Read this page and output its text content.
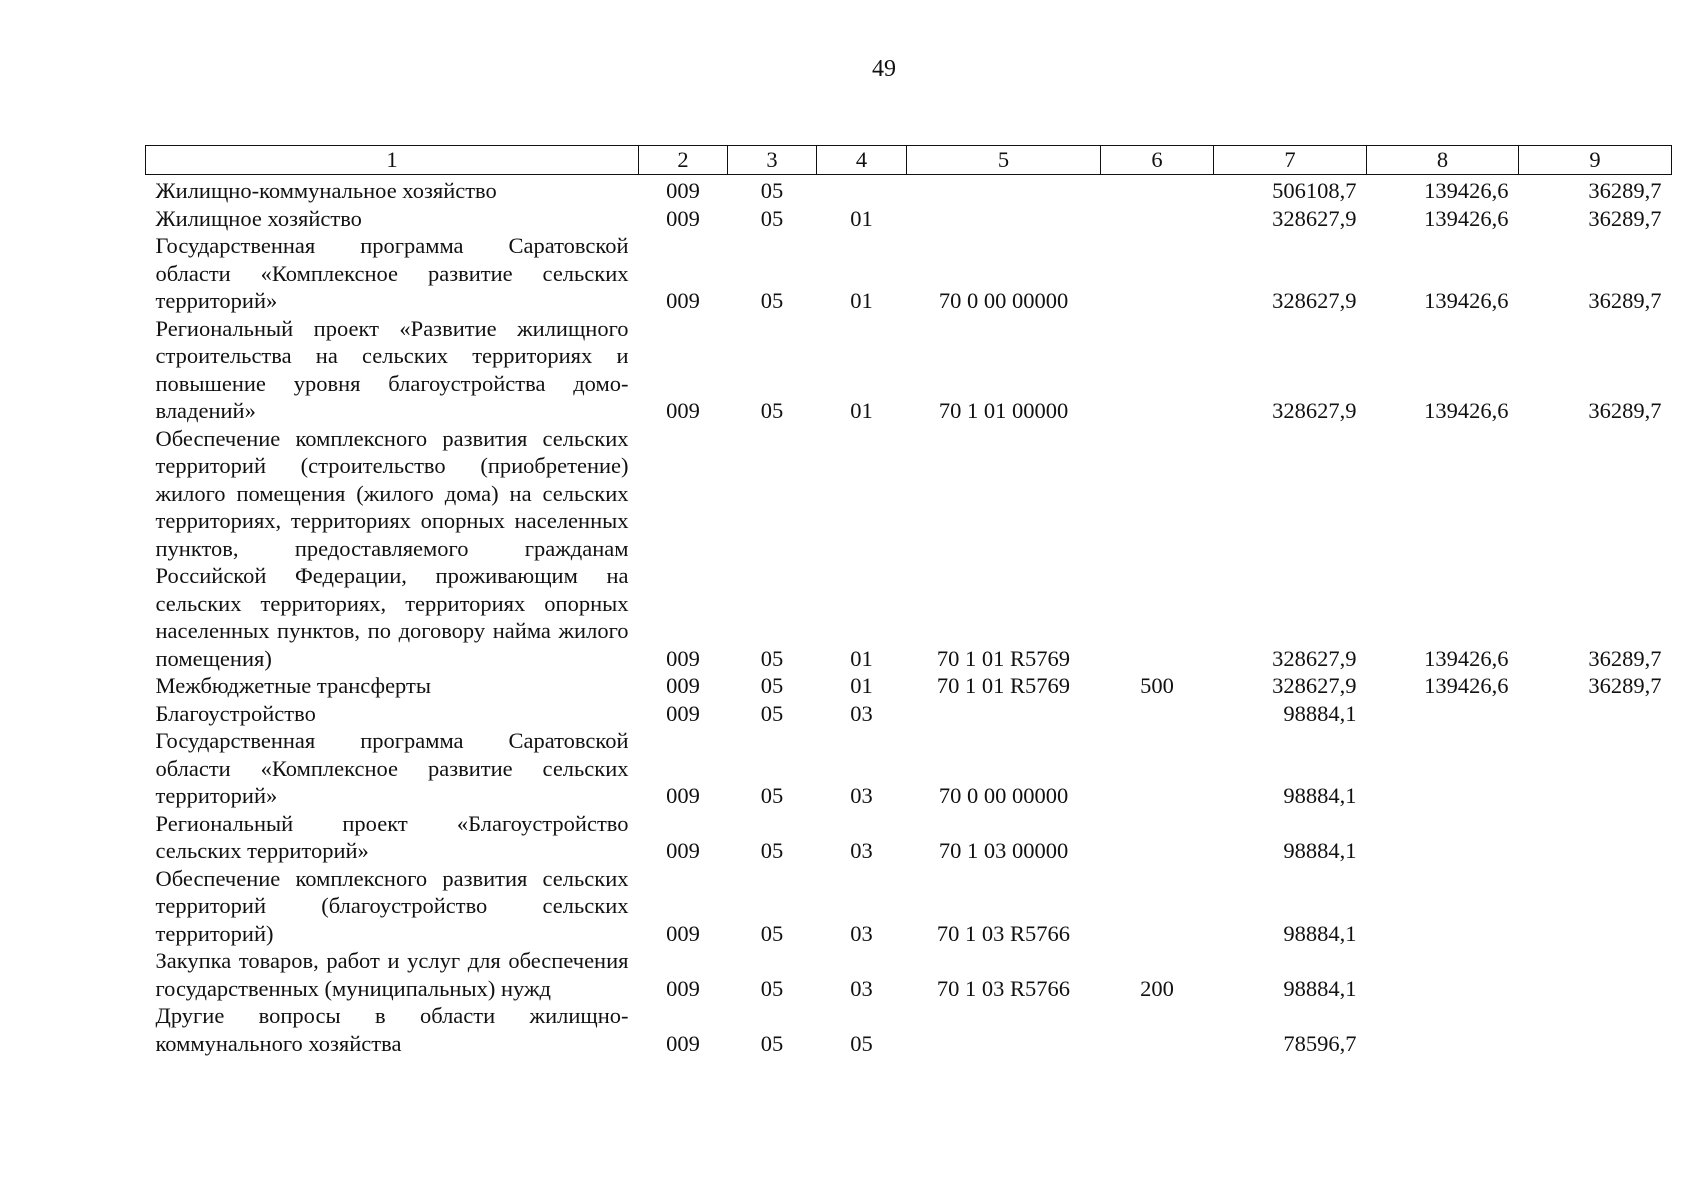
49
1	2	3	4	5	6	7	8	9
Жилищно-коммунальное хозяйство	009	05				506108,7	139426,6	36289,7
Жилищное хозяйство	009	05	01			328627,9	139426,6	36289,7
Государственная программа Саратовской области «Комплексное развитие сельских территорий»	009	05	01	70 0 00 00000		328627,9	139426,6	36289,7
Региональный проект «Развитие жилищного строительства на сельских территориях и повышение уровня благоустройства домовладений»	009	05	01	70 1 01 00000		328627,9	139426,6	36289,7
Обеспечение комплексного развития сельских территорий (строительство (приобретение) жилого помещения (жилого дома) на сельских территориях, территориях опорных населенных пунктов, предоставляемого гражданам Российской Федерации, проживающим на сельских территориях, территориях опорных населенных пунктов, по договору найма жилого помещения)	009	05	01	70 1 01 R5769		328627,9	139426,6	36289,7
Межбюджетные трансферты	009	05	01	70 1 01 R5769	500	328627,9	139426,6	36289,7
Благоустройство	009	05	03			98884,1		
Государственная программа Саратовской области «Комплексное развитие сельских территорий»	009	05	03	70 0 00 00000		98884,1		
Региональный проект «Благоустройство сельских территорий»	009	05	03	70 1 03 00000		98884,1		
Обеспечение комплексного развития сельских территорий (благоустройство сельских территорий)	009	05	03	70 1 03 R5766		98884,1		
Закупка товаров, работ и услуг для обеспечения государственных (муниципальных) нужд	009	05	03	70 1 03 R5766	200	98884,1		
Другие вопросы в области жилищно-коммунального хозяйства	009	05	05			78596,7		
